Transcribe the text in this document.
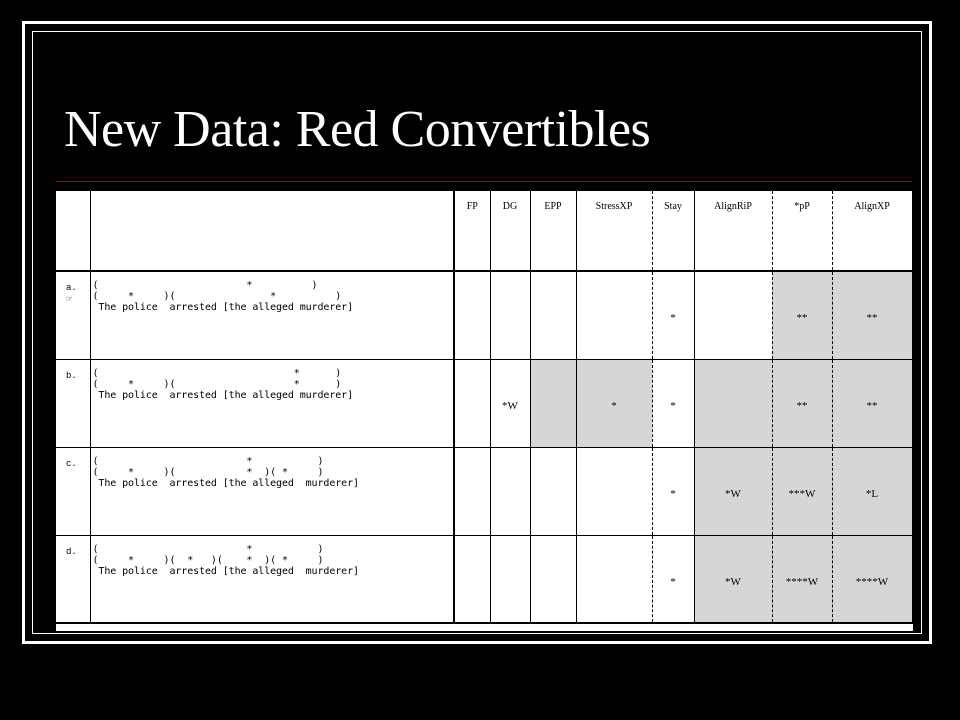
New Data: Red Convertibles
		FP	DG	EPP	StressXP	Stay	AlignRiP	*pP	AlignXP

a.
☞	(                         *          )
(     *     )(                *          )
The police  arrested [the alleged murderer]					*		**	**

b.	(                                 *      )
(     *     )(                    *      )
The police  arrested [the alleged murderer]		*W		*	*		**	**

c.	(                         *           )
(     *     )(            *  )( *     )
The police  arrested [the alleged  murderer]					*	*W	***W	*L

d.	(                         *           )
(     *     )(  *   )(    *  )( *     )
The police  arrested [the alleged  murderer]					*	*W	****W	****W
